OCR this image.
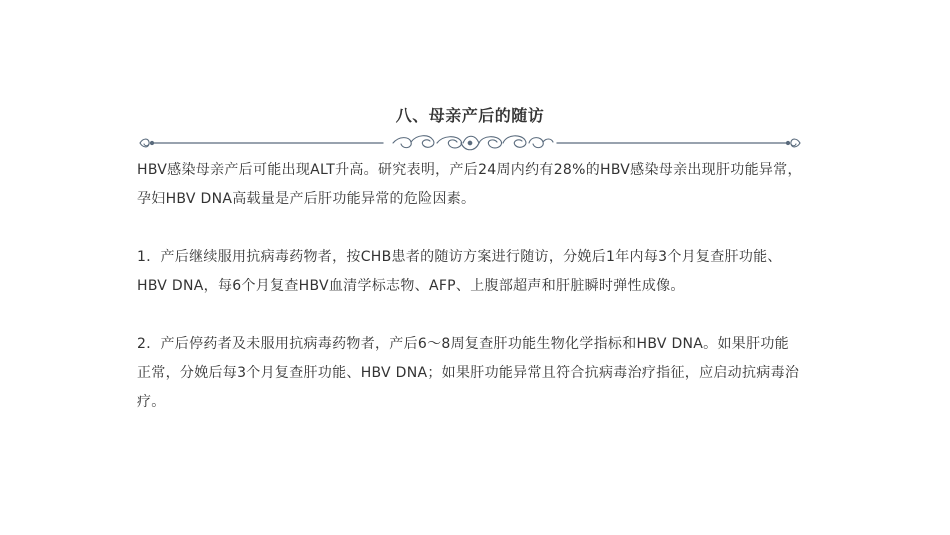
八、母亲产后的随访

HBV感染母亲产后可能出现ALT升高。研究表明，产后24周内约有28%的HBV感染母亲出现肝功能异常，孕妇HBV DNA高载量是产后肝功能异常的危险因素。

1．产后继续服用抗病毒药物者，按CHB患者的随访方案进行随访，分娩后1年内每3个月复查肝功能、HBV DNA，每6个月复查HBV血清学标志物、AFP、上腹部超声和肝脏瞬时弹性成像。

2．产后停药者及未服用抗病毒药物者，产后6～8周复查肝功能生物化学指标和HBV DNA。如果肝功能正常，分娩后每3个月复查肝功能、HBV DNA；如果肝功能异常且符合抗病毒治疗指征，应启动抗病毒治疗。
